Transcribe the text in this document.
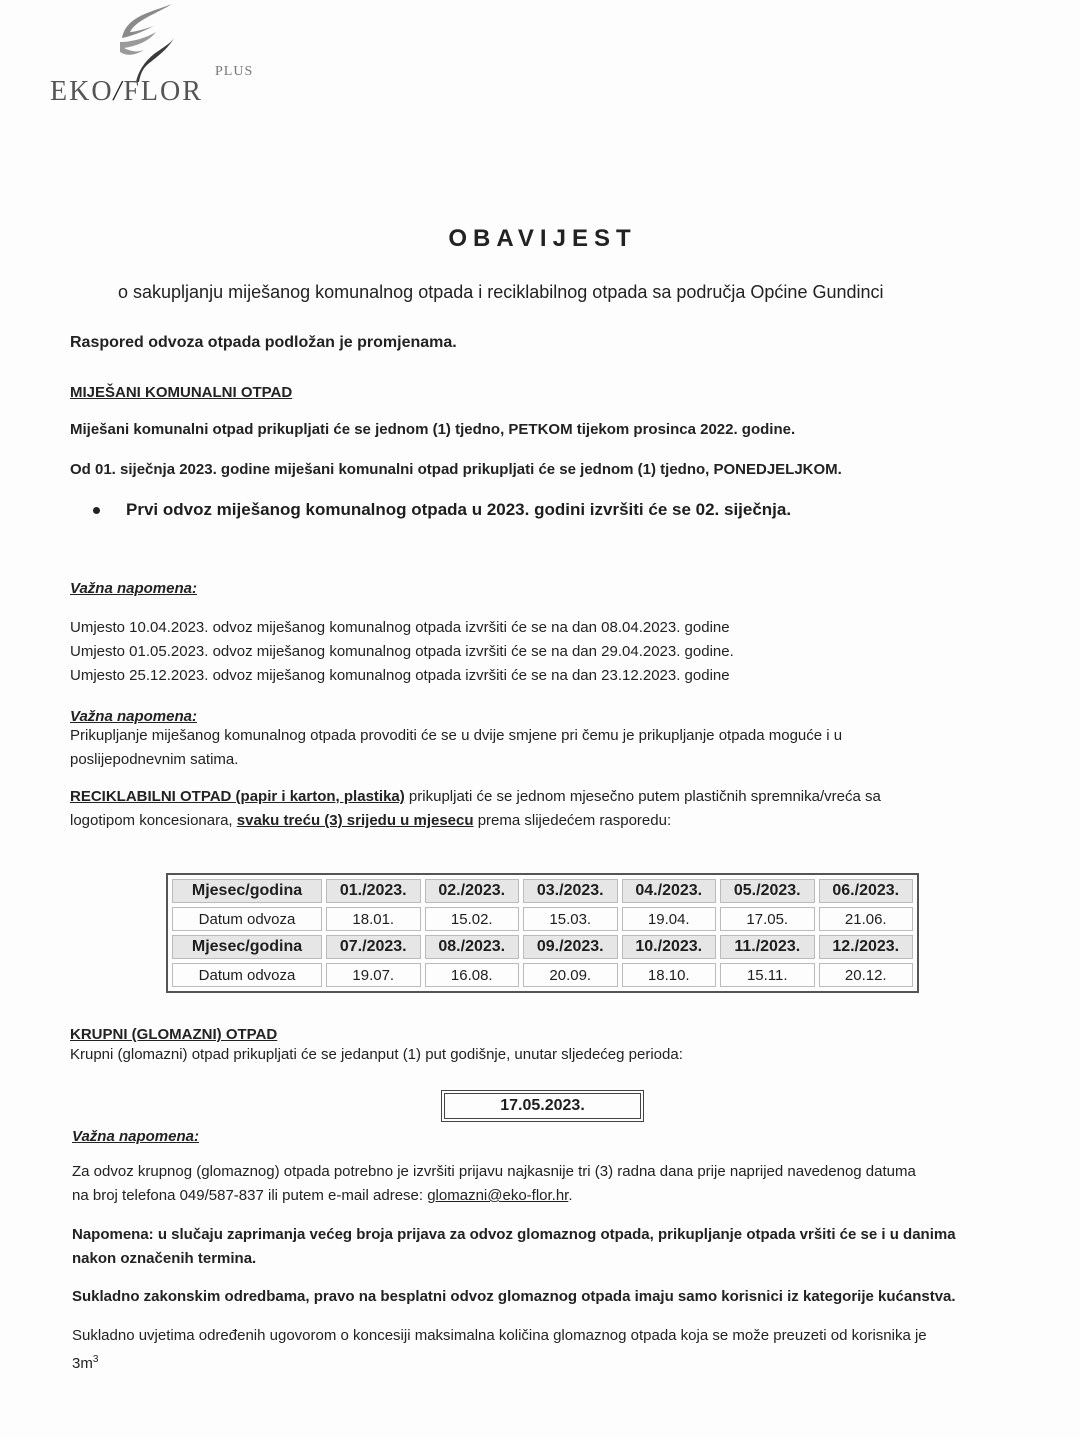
PLUS
EKO/FLOR
OBAVIJEST
o sakupljanju miješanog komunalnog otpada i reciklabilnog otpada sa područja Općine Gundinci
Raspored odvoza otpada podložan je promjenama.
MIJEŠANI KOMUNALNI OTPAD
Miješani komunalni otpad prikupljati će se jednom (1) tjedno, PETKOM tijekom prosinca 2022. godine.
Od 01. siječnja 2023. godine miješani komunalni otpad prikupljati će se jednom (1) tjedno, PONEDJELJKOM.
Prvi odvoz miješanog komunalnog otpada u 2023. godini izvršiti će se 02. siječnja.
Važna napomena:
Umjesto 10.04.2023. odvoz miješanog komunalnog otpada izvršiti će se na dan 08.04.2023. godine
Umjesto 01.05.2023. odvoz miješanog komunalnog otpada izvršiti će se na dan 29.04.2023. godine.
Umjesto 25.12.2023. odvoz miješanog komunalnog otpada izvršiti će se na dan 23.12.2023. godine
Važna napomena:
Prikupljanje miješanog komunalnog otpada provoditi će se u dvije smjene pri čemu je prikupljanje otpada moguće i u
poslijepodnevnim satima.
RECIKLABILNI OTPAD (papir i karton, plastika) prikupljati će se jednom mjesečno putem plastičnih spremnika/vreća sa
logotipom koncesionara, svaku treću (3) srijedu u mjesecu prema slijedećem rasporedu:
Mjesec/godina	01./2023.	02./2023.	03./2023.	04./2023.	05./2023.	06./2023.
Datum odvoza	18.01.	15.02.	15.03.	19.04.	17.05.	21.06.
Mjesec/godina	07./2023.	08./2023.	09./2023.	10./2023.	11./2023.	12./2023.
Datum odvoza	19.07.	16.08.	20.09.	18.10.	15.11.	20.12.
KRUPNI (GLOMAZNI) OTPAD
Krupni (glomazni) otpad prikupljati će se jedanput (1) put godišnje, unutar sljedećeg perioda:
17.05.2023.
Važna napomena:
Za odvoz krupnog (glomaznog) otpada potrebno je izvršiti prijavu najkasnije tri (3) radna dana prije naprijed navedenog datuma
na broj telefona 049/587-837 ili putem e-mail adrese: glomazni@eko-flor.hr.
Napomena: u slučaju zaprimanja većeg broja prijava za odvoz glomaznog otpada, prikupljanje otpada vršiti će se i u danima
nakon označenih termina.
Sukladno zakonskim odredbama, pravo na besplatni odvoz glomaznog otpada imaju samo korisnici iz kategorije kućanstva.
Sukladno uvjetima određenih ugovorom o koncesiji maksimalna količina glomaznog otpada koja se može preuzeti od korisnika je
$3m^3$
